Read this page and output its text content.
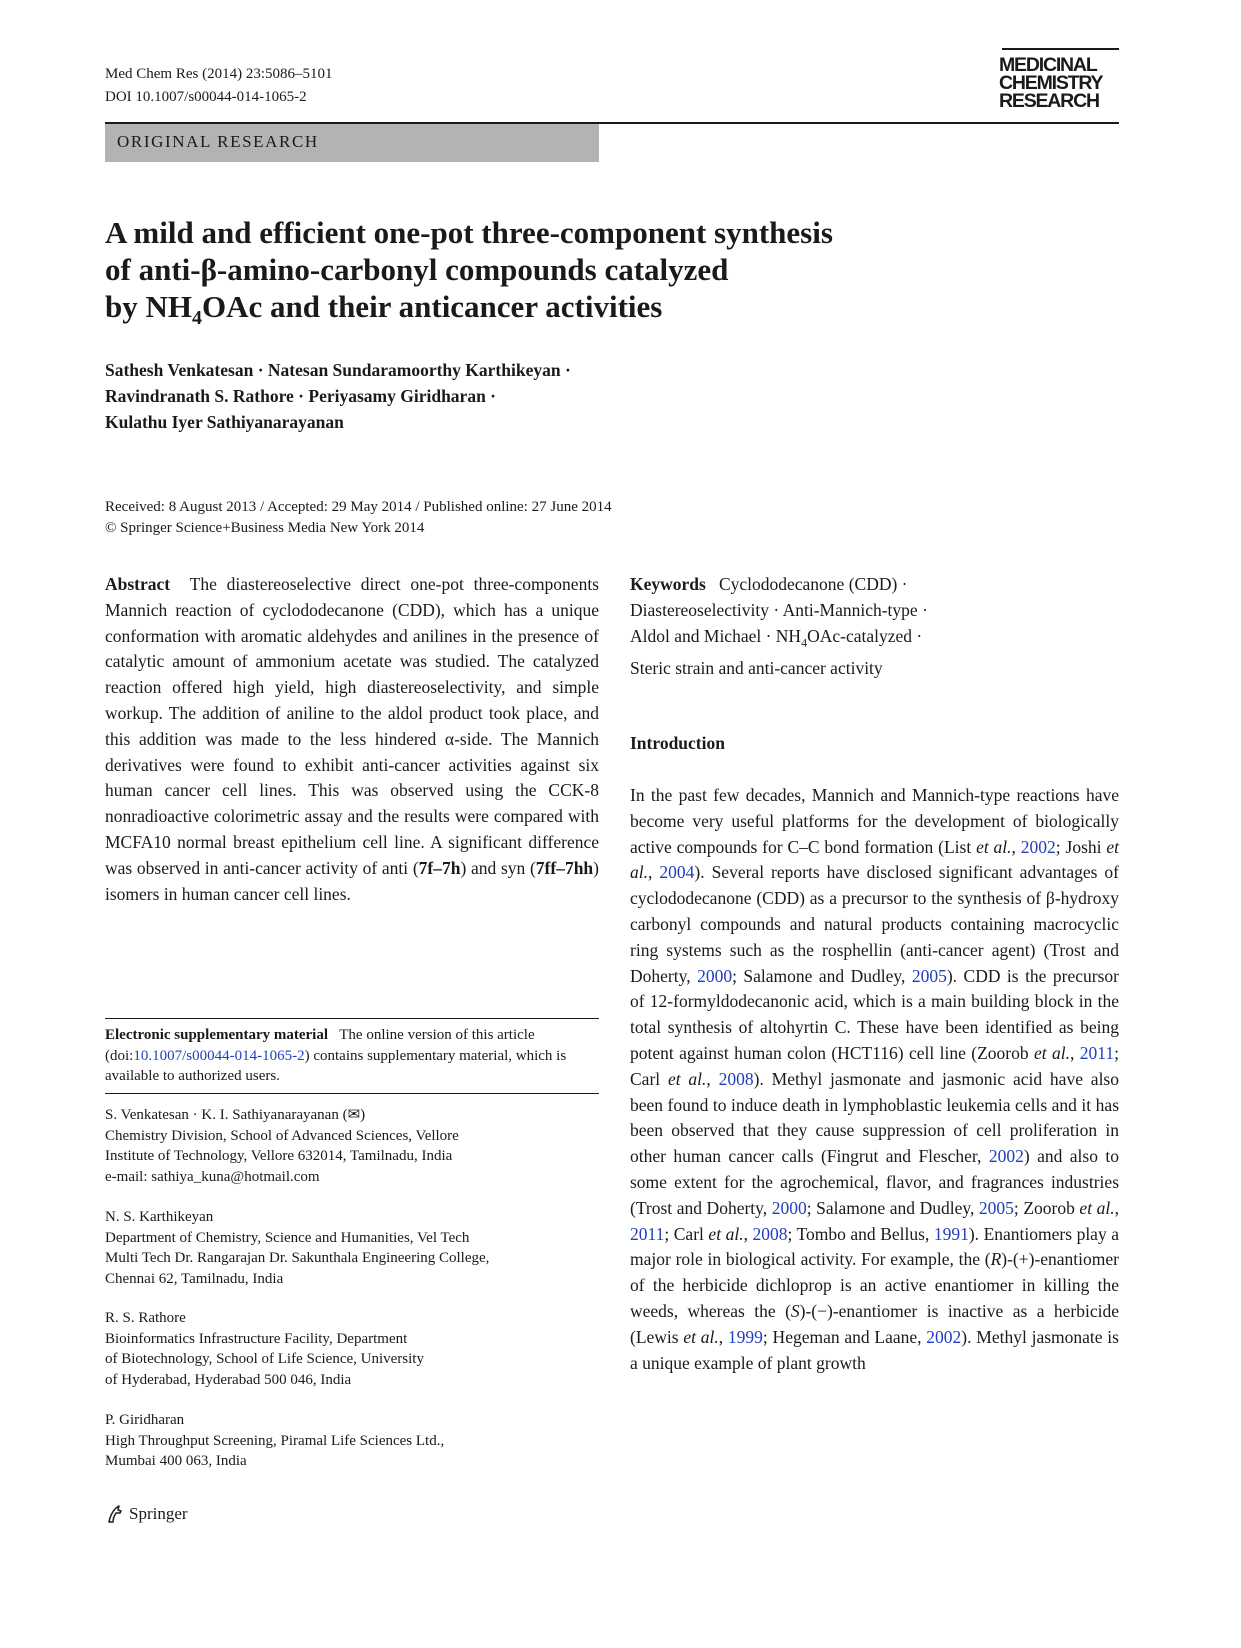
Med Chem Res (2014) 23:5086–5101
DOI 10.1007/s00044-014-1065-2
MEDICINAL
CHEMISTRY
RESEARCH
ORIGINAL RESEARCH
A mild and efficient one-pot three-component synthesis
of anti-β-amino-carbonyl compounds catalyzed
by $NH_4OAc$ and their anticancer activities
Sathesh Venkatesan · Natesan Sundaramoorthy Karthikeyan ·
Ravindranath S. Rathore · Periyasamy Giridharan ·
Kulathu Iyer Sathiyanarayanan
Received: 8 August 2013 / Accepted: 29 May 2014 / Published online: 27 June 2014
© Springer Science+Business Media New York 2014
Abstract The diastereoselective direct one-pot three-components Mannich reaction of cyclododecanone (CDD), which has a unique conformation with aromatic aldehydes and anilines in the presence of catalytic amount of ammonium acetate was studied. The catalyzed reaction offered high yield, high diastereoselectivity, and simple workup. The addition of aniline to the aldol product took place, and this addition was made to the less hindered α-side. The Mannich derivatives were found to exhibit anti-cancer activities against six human cancer cell lines. This was observed using the CCK-8 nonradioactive colorimetric assay and the results were compared with MCFA10 normal breast epithelium cell line. A significant difference was observed in anti-cancer activity of anti (7f–7h) and syn (7ff–7hh) isomers in human cancer cell lines.
Electronic supplementary material The online version of this article (doi:10.1007/s00044-014-1065-2) contains supplementary material, which is available to authorized users.
S. Venkatesan · K. I. Sathiyanarayanan (✉)
Chemistry Division, School of Advanced Sciences, Vellore
Institute of Technology, Vellore 632014, Tamilnadu, India
e-mail: sathiya_kuna@hotmail.com
N. S. Karthikeyan
Department of Chemistry, Science and Humanities, Vel Tech
Multi Tech Dr. Rangarajan Dr. Sakunthala Engineering College,
Chennai 62, Tamilnadu, India
R. S. Rathore
Bioinformatics Infrastructure Facility, Department
of Biotechnology, School of Life Science, University
of Hyderabad, Hyderabad 500 046, India
P. Giridharan
High Throughput Screening, Piramal Life Sciences Ltd.,
Mumbai 400 063, India
Keywords Cyclododecanone (CDD) ·
Diastereoselectivity · Anti-Mannich-type ·
Aldol and Michael · $NH_4OAc$-catalyzed ·
Steric strain and anti-cancer activity
Introduction
In the past few decades, Mannich and Mannich-type reactions have become very useful platforms for the development of biologically active compounds for C–C bond formation (List et al., 2002; Joshi et al., 2004). Several reports have disclosed significant advantages of cyclododecanone (CDD) as a precursor to the synthesis of β-hydroxy carbonyl compounds and natural products containing macrocyclic ring systems such as the rosphellin (anti-cancer agent) (Trost and Doherty, 2000; Salamone and Dudley, 2005). CDD is the precursor of 12-formyldodecanonic acid, which is a main building block in the total synthesis of altohyrtin C. These have been identified as being potent against human colon (HCT116) cell line (Zoorob et al., 2011; Carl et al., 2008). Methyl jasmonate and jasmonic acid have also been found to induce death in lymphoblastic leukemia cells and it has been observed that they cause suppression of cell proliferation in other human cancer calls (Fingrut and Flescher, 2002) and also to some extent for the agrochemical, flavor, and fragrances industries (Trost and Doherty, 2000; Salamone and Dudley, 2005; Zoorob et al., 2011; Carl et al., 2008; Tombo and Bellus, 1991). Enantiomers play a major role in biological activity. For example, the (R)-(+)-enantiomer of the herbicide dichloprop is an active enantiomer in killing the weeds, whereas the (S)-(−)-enantiomer is inactive as a herbicide (Lewis et al., 1999; Hegeman and Laane, 2002). Methyl jasmonate is a unique example of plant growth
Springer
